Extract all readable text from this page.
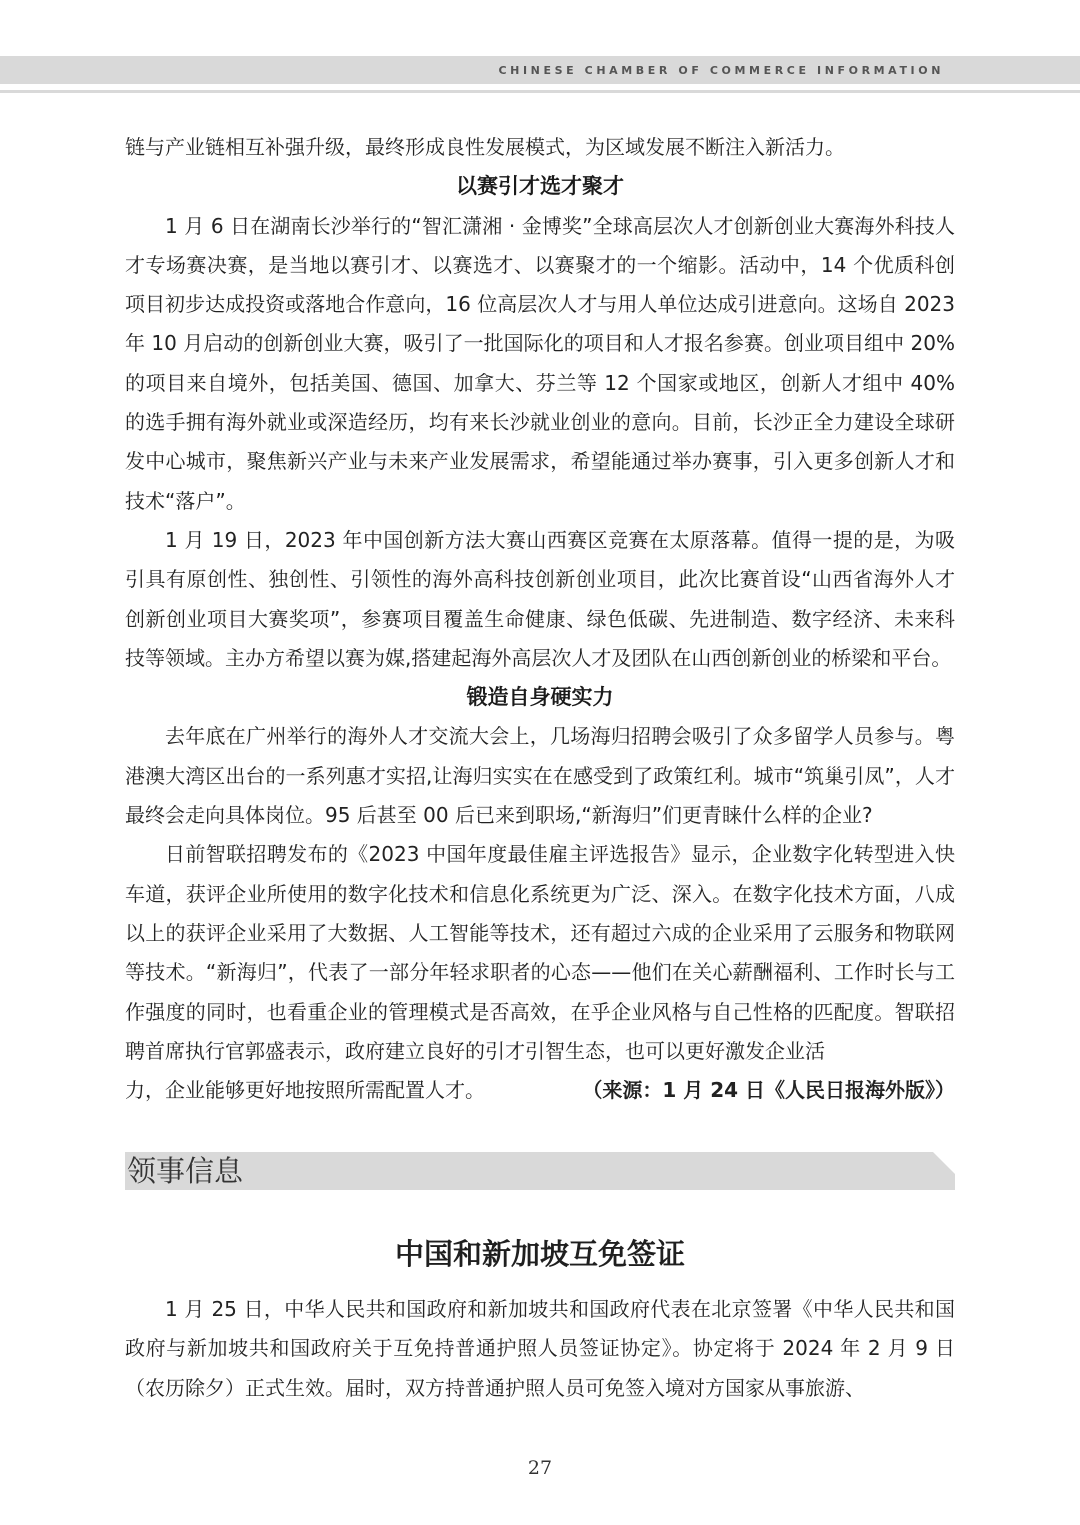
CHINESE CHAMBER OF COMMERCE INFORMATION

链与产业链相互补强升级，最终形成良性发展模式，为区域发展不断注入新活力。

以赛引才选才聚才

1 月 6 日在湖南长沙举行的“智汇潇湘 · 金博奖”全球高层次人才创新创业大赛海外科技人才专场赛决赛，是当地以赛引才、以赛选才、以赛聚才的一个缩影。活动中，14 个优质科创项目初步达成投资或落地合作意向，16 位高层次人才与用人单位达成引进意向。这场自 2023 年 10 月启动的创新创业大赛，吸引了一批国际化的项目和人才报名参赛。创业项目组中 20% 的项目来自境外，包括美国、德国、加拿大、芬兰等 12 个国家或地区，创新人才组中 40% 的选手拥有海外就业或深造经历，均有来长沙就业创业的意向。目前，长沙正全力建设全球研发中心城市，聚焦新兴产业与未来产业发展需求，希望能通过举办赛事，引入更多创新人才和技术“落户”。

1 月 19 日，2023 年中国创新方法大赛山西赛区竞赛在太原落幕。值得一提的是，为吸引具有原创性、独创性、引领性的海外高科技创新创业项目，此次比赛首设“山西省海外人才创新创业项目大赛奖项”，参赛项目覆盖生命健康、绿色低碳、先进制造、数字经济、未来科技等领域。主办方希望以赛为媒,搭建起海外高层次人才及团队在山西创新创业的桥梁和平台。

锻造自身硬实力

去年底在广州举行的海外人才交流大会上，几场海归招聘会吸引了众多留学人员参与。粤港澳大湾区出台的一系列惠才实招,让海归实实在在感受到了政策红利。城市“筑巢引凤”，人才最终会走向具体岗位。95 后甚至 00 后已来到职场,“新海归”们更青睐什么样的企业?

日前智联招聘发布的《2023 中国年度最佳雇主评选报告》显示，企业数字化转型进入快车道，获评企业所使用的数字化技术和信息化系统更为广泛、深入。在数字化技术方面，八成以上的获评企业采用了大数据、人工智能等技术，还有超过六成的企业采用了云服务和物联网等技术。“新海归”，代表了一部分年轻求职者的心态——他们在关心薪酬福利、工作时长与工作强度的同时，也看重企业的管理模式是否高效，在乎企业风格与自己性格的匹配度。智联招聘首席执行官郭盛表示，政府建立良好的引才引智生态，也可以更好激发企业活

力，企业能够更好地按照所需配置人才。	（来源：1 月 24 日《人民日报海外版》）

领事信息
中国和新加坡互免签证

1 月 25 日，中华人民共和国政府和新加坡共和国政府代表在北京签署《中华人民共和国政府与新加坡共和国政府关于互免持普通护照人员签证协定》。协定将于 2024 年 2 月 9 日（农历除夕）正式生效。届时，双方持普通护照人员可免签入境对方国家从事旅游、

27
